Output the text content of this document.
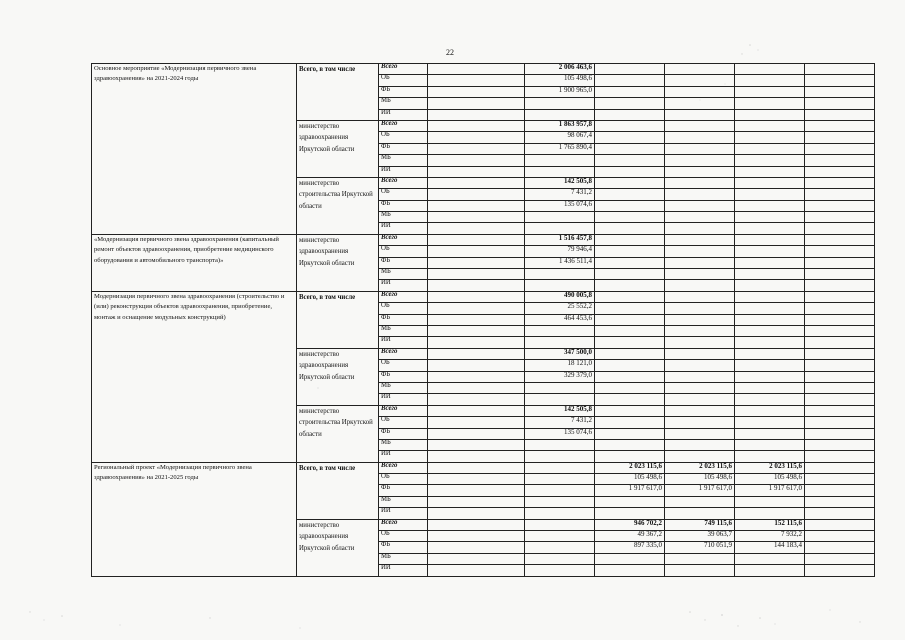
22
Основное мероприятие «Модернизация первичного звена здравоохранения» на 2021-2024 годы	Всего, в том числе	Всего		2 006 463,6				
		ОБ		105 498,6				
		ФБ		1 900 965,0				
		МБ						
		ИИ						
	министерство здравоохранения Иркутской области	Всего		1 863 957,8				
		ОБ		98 067,4				
		ФБ		1 765 890,4				
		МБ						
		ИИ						
	министерство строительства Иркутской области	Всего		142 505,8				
		ОБ		7 431,2				
		ФБ		135 074,6				
		МБ						
		ИИ						
«Модернизация первичного звена здравоохранения (капитальный ремонт объектов здравоохранения, приобретение медицинского оборудования и автомобильного транспорта)»	министерство здравоохранения Иркутской области	Всего		1 516 457,8				
		ОБ		79 946,4				
		ФБ		1 436 511,4				
		МБ						
		ИИ						
Модернизация первичного звена здравоохранения (строительство и (или) реконструкция объектов здравоохранения, приобретение, монтаж и оснащение модульных конструкций)	Всего, в том числе	Всего		490 005,8				
		ОБ		25 552,2				
		ФБ		464 453,6				
		МБ						
		ИИ						
	министерство здравоохранения Иркутской области	Всего		347 500,0				
		ОБ		18 121,0				
		ФБ		329 379,0				
		МБ						
		ИИ						
	министерство строительства Иркутской области	Всего		142 505,8				
		ОБ		7 431,2				
		ФБ		135 074,6				
		МБ						
		ИИ						
Региональный проект «Модернизация первичного звена здравоохранения» на 2021-2025 годы	Всего, в том числе	Всего			2 023 115,6	2 023 115,6	2 023 115,6	
		ОБ			105 498,6	105 498,6	105 498,6	
		ФБ			1 917 617,0	1 917 617,0	1 917 617,0	
		МБ						
		ИИ						
	министерство здравоохранения Иркутской области	Всего			946 702,2	749 115,6	152 115,6	
		ОБ			49 367,2	39 063,7	7 932,2	
		ФБ			897 335,0	710 051,9	144 183,4	
		МБ						
		ИИ						
